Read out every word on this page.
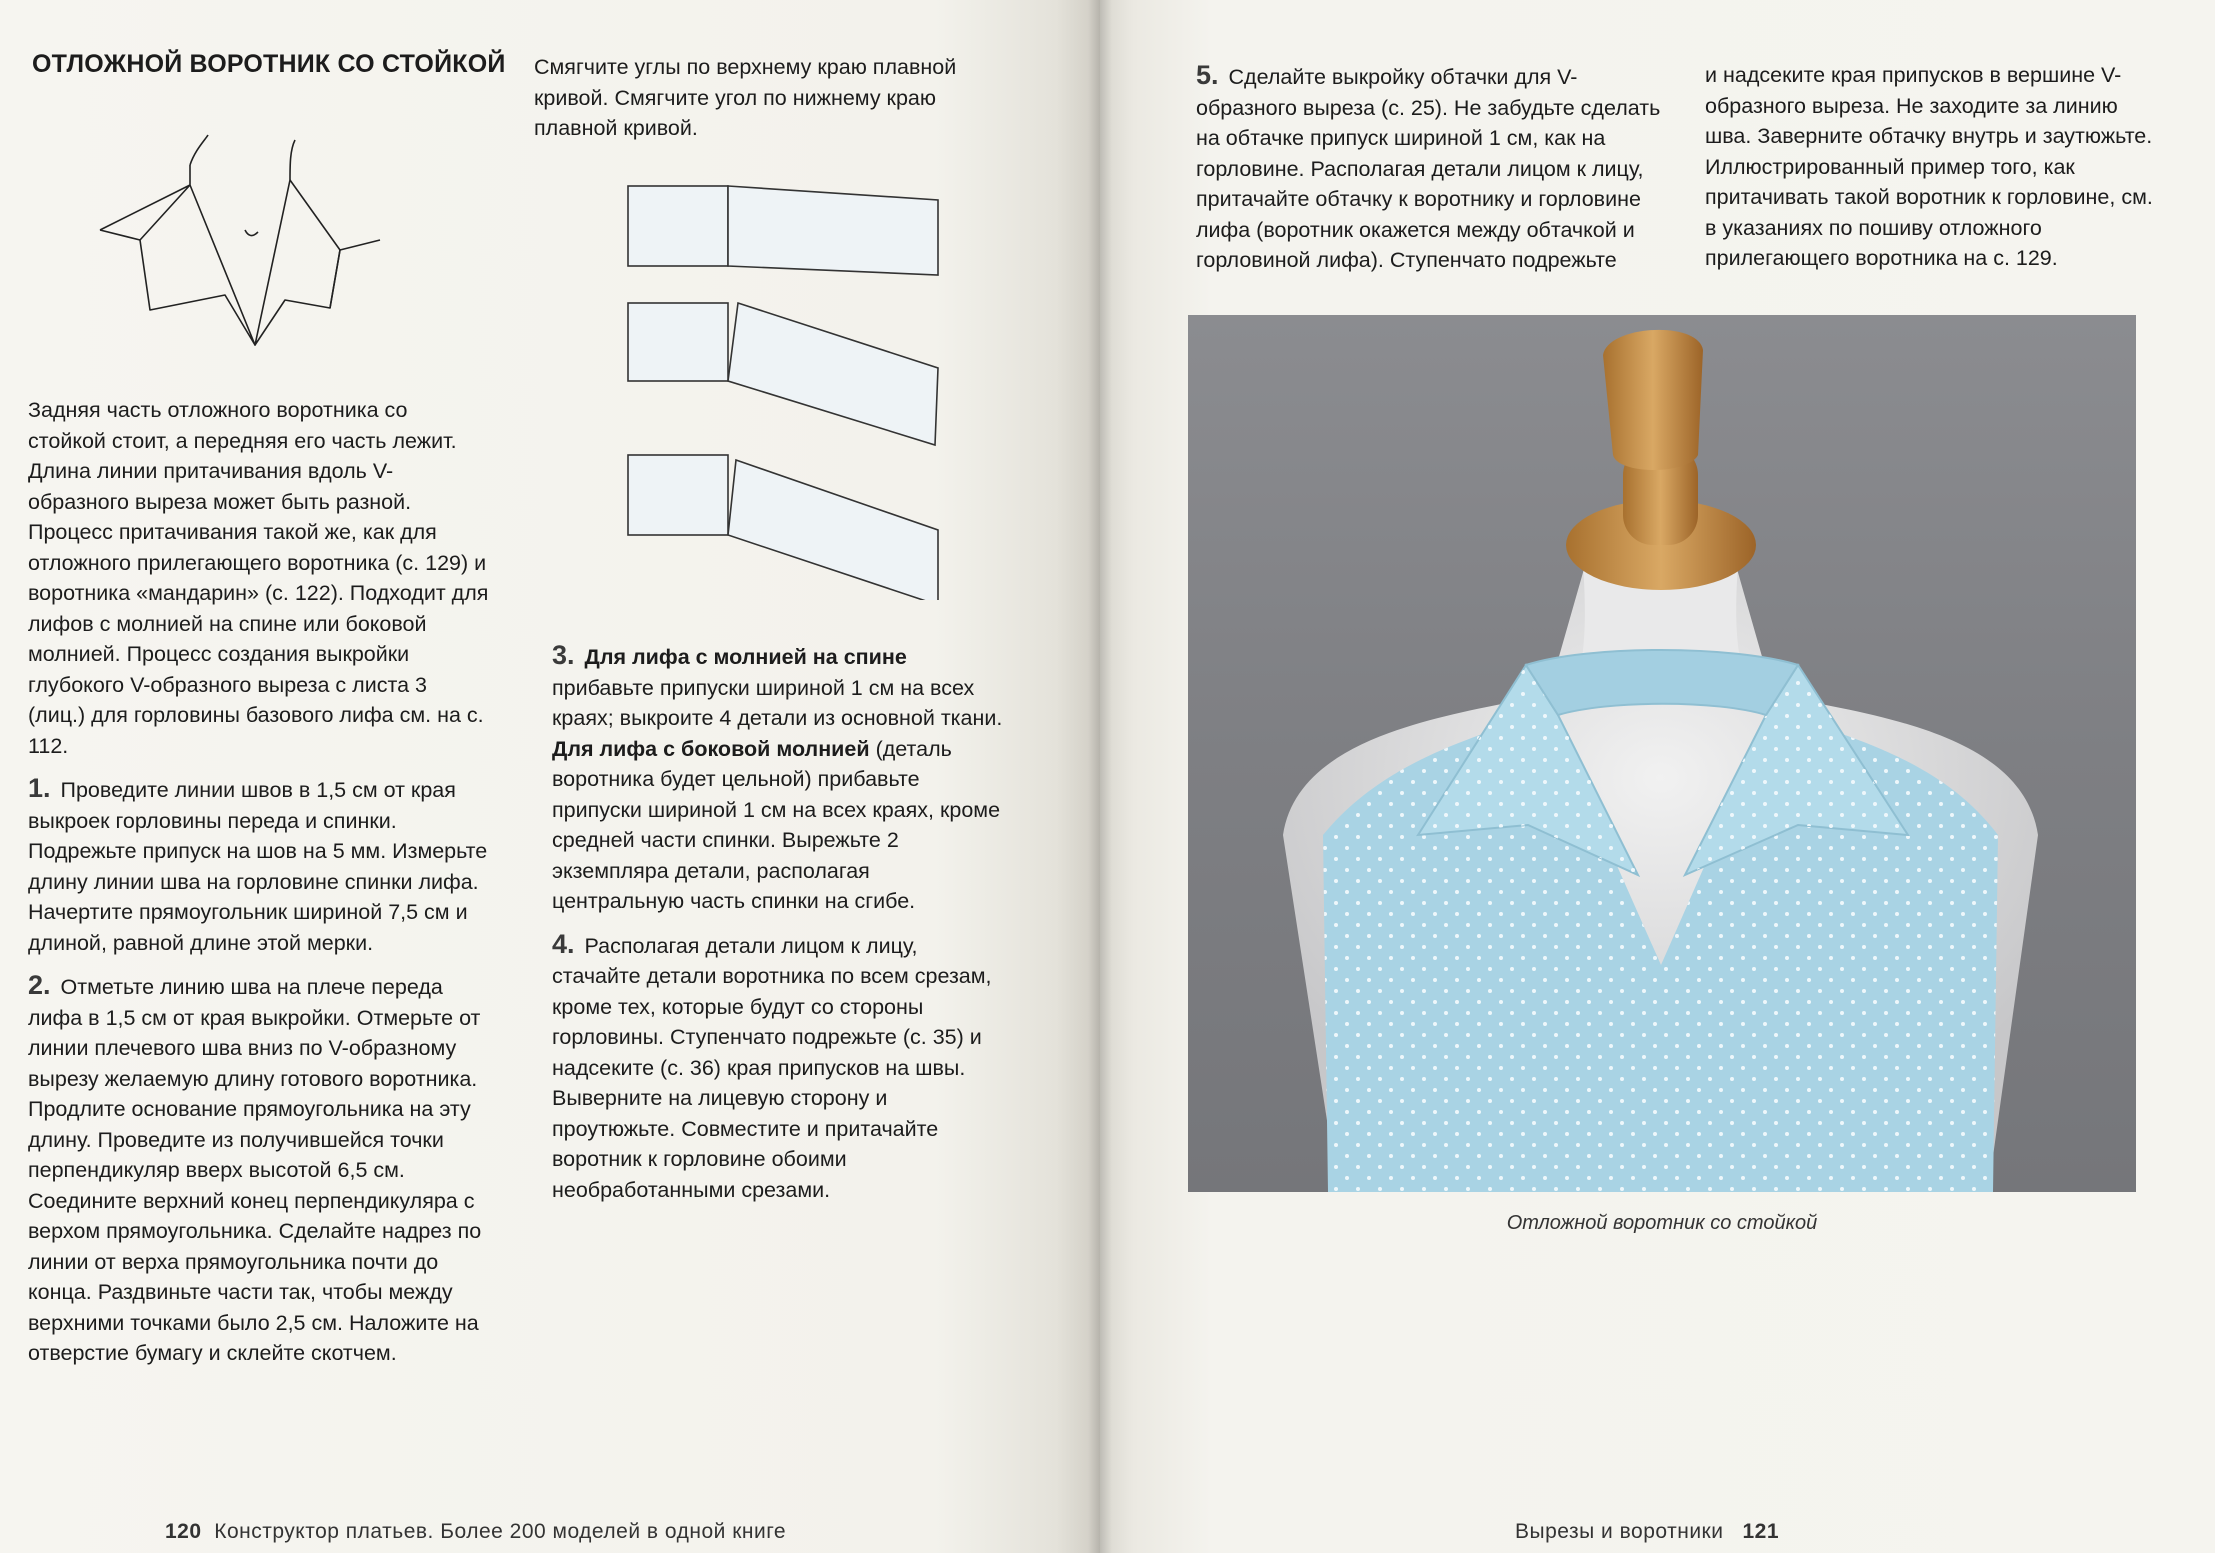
ОТЛОЖНОЙ ВОРОТНИК СО СТОЙКОЙ Смягчите углы по верхнему краю плавной кривой. Смягчите угол по нижнему краю плавной кривой.

Задняя часть отложного воротника со стойкой стоит, а передняя его часть лежит. Длина линии притачивания вдоль V-образного выреза может быть разной. Процесс притачивания такой же, как для отложного прилегающего воротника (с. 129) и воротника «мандарин» (с. 122). Подходит для лифов с молнией на спине или боковой молнией. Процесс создания выкройки глубокого V-образного выреза с листа 3 (лиц.) для горловины базового лифа см. на с. 112.

1. Проведите линии швов в 1,5 см от края выкроек горловины переда и спинки. Подрежьте припуск на шов на 5 мм. Измерьте длину линии шва на горловине спинки лифа. Начертите прямоугольник шириной 7,5 см и длиной, равной длине этой мерки.

2. Отметьте линию шва на плече переда лифа в 1,5 см от края выкройки. Отмерьте от линии плечевого шва вниз по V-образному вырезу желаемую длину готового воротника. Продлите основание прямоугольника на эту длину. Проведите из получившейся точки перпендикуляр вверх высотой 6,5 см. Соедините верхний конец перпендикуляра с верхом прямоугольника. Сделайте надрез по линии от верха прямоугольника почти до конца. Раздвиньте части так, чтобы между верхними точками было 2,5 см. Наложите на отверстие бумагу и склейте скотчем.

3. Для лифа с молнией на спине прибавьте припуски шириной 1 см на всех краях; выкроите 4 детали из основной ткани. Для лифа с боковой молнией (деталь воротника будет цельной) прибавьте припуски шириной 1 см на всех краях, кроме средней части спинки. Вырежьте 2 экземпляра детали, располагая центральную часть спинки на сгибе.

4. Располагая детали лицом к лицу, стачайте детали воротника по всем срезам, кроме тех, которые будут со стороны горловины. Ступенчато подрежьте (с. 35) и надсеките (с. 36) края припусков на швы. Выверните на лицевую сторону и проутюжьте. Совместите и притачайте воротник к горловине обоими необработанными срезами.

120 Конструктор платьев. Более 200 моделей в одной книге

5. Сделайте выкройку обтачки для V-образного выреза (с. 25). Не забудьте сделать на обтачке припуск шириной 1 см, как на горловине. Располагая детали лицом к лицу, притачайте обтачку к воротнику и горловине лифа (воротник окажется между обтачкой и горловиной лифа). Ступенчато подрежьте

и надсеките края припусков в вершине V-образного выреза. Не заходите за линию шва. Заверните обтачку внутрь и заутюжьте. Иллюстрированный пример того, как притачивать такой воротник к горловине, см. в указаниях по пошиву отложного прилегающего воротника на с. 129.

Отложной воротник со стойкой
Вырезы и воротники 121
